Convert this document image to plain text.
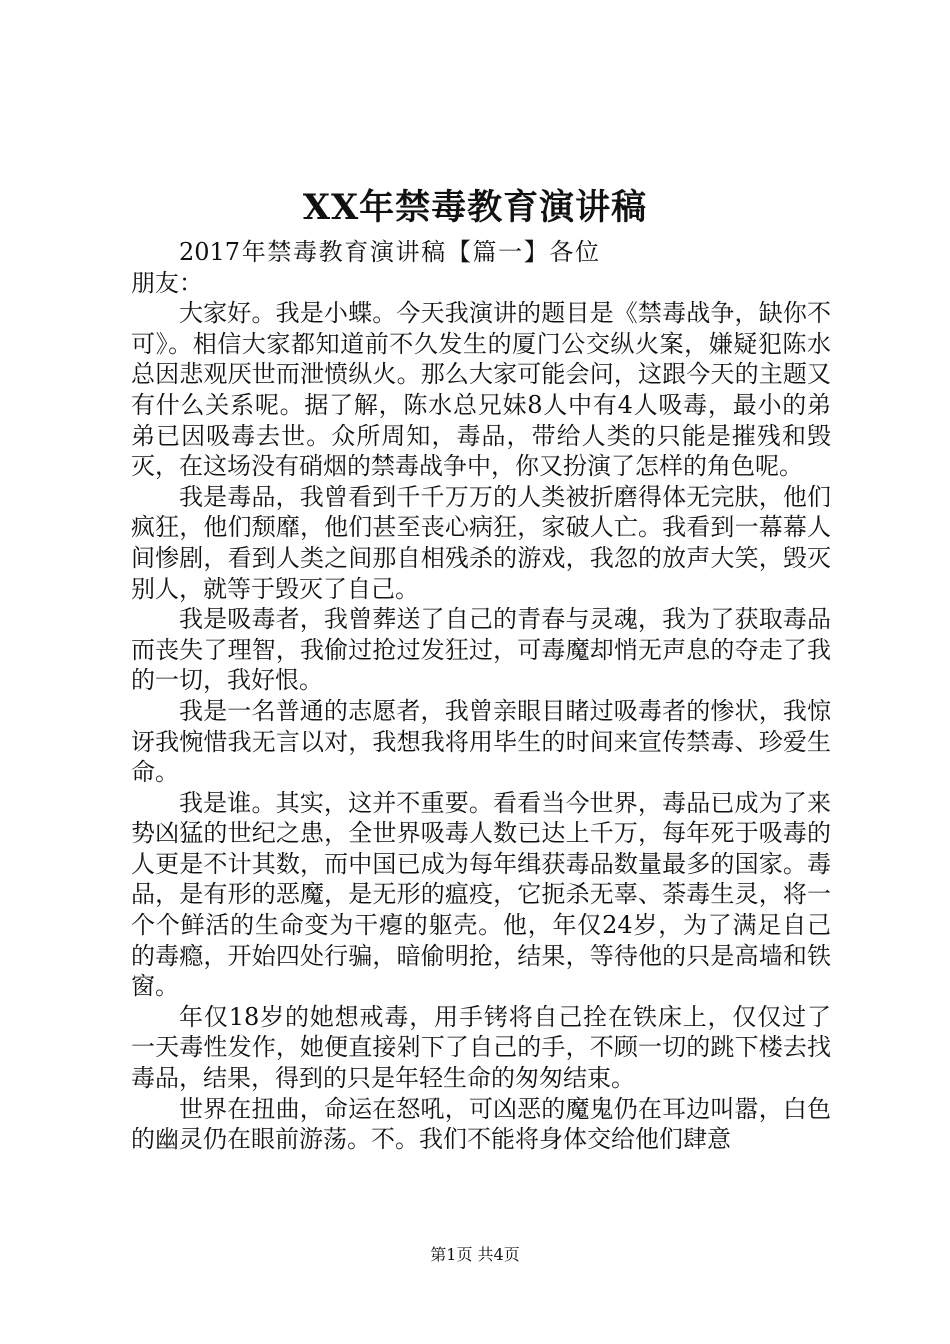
XX年禁毒教育演讲稿

2017年禁毒教育演讲稿【篇一】各位朋友：

大家好。我是小蝶。今天我演讲的题目是《禁毒战争，缺你不可》。相信大家都知道前不久发生的厦门公交纵火案，嫌疑犯陈水总因悲观厌世而泄愤纵火。那么大家可能会问，这跟今天的主题又有什么关系呢。据了解，陈水总兄妹8人中有4人吸毒，最小的弟弟已因吸毒去世。众所周知，毒品，带给人类的只能是摧残和毁灭，在这场没有硝烟的禁毒战争中，你又扮演了怎样的角色呢。

我是毒品，我曾看到千千万万的人类被折磨得体无完肤，他们疯狂，他们颓靡，他们甚至丧心病狂，家破人亡。我看到一幕幕人间惨剧，看到人类之间那自相残杀的游戏，我忽的放声大笑，毁灭别人，就等于毁灭了自己。

我是吸毒者，我曾葬送了自己的青春与灵魂，我为了获取毒品而丧失了理智，我偷过抢过发狂过，可毒魔却悄无声息的夺走了我的一切，我好恨。

我是一名普通的志愿者，我曾亲眼目睹过吸毒者的惨状，我惊讶我惋惜我无言以对，我想我将用毕生的时间来宣传禁毒、珍爱生命。

我是谁。其实，这并不重要。看看当今世界，毒品已成为了来势凶猛的世纪之患，全世界吸毒人数已达上千万，每年死于吸毒的人更是不计其数，而中国已成为每年缉获毒品数量最多的国家。毒品，是有形的恶魔，是无形的瘟疫，它扼杀无辜、荼毒生灵，将一个个鲜活的生命变为干瘪的躯壳。他，年仅24岁，为了满足自己的毒瘾，开始四处行骗，暗偷明抢，结果，等待他的只是高墙和铁窗。

年仅18岁的她想戒毒，用手铐将自己拴在铁床上，仅仅过了一天毒性发作，她便直接剁下了自己的手，不顾一切的跳下楼去找毒品，结果，得到的只是年轻生命的匆匆结束。

世界在扭曲，命运在怒吼，可凶恶的魔鬼仍在耳边叫嚣，白色的幽灵仍在眼前游荡。不。我们不能将身体交给他们肆意

第1页 共4页
